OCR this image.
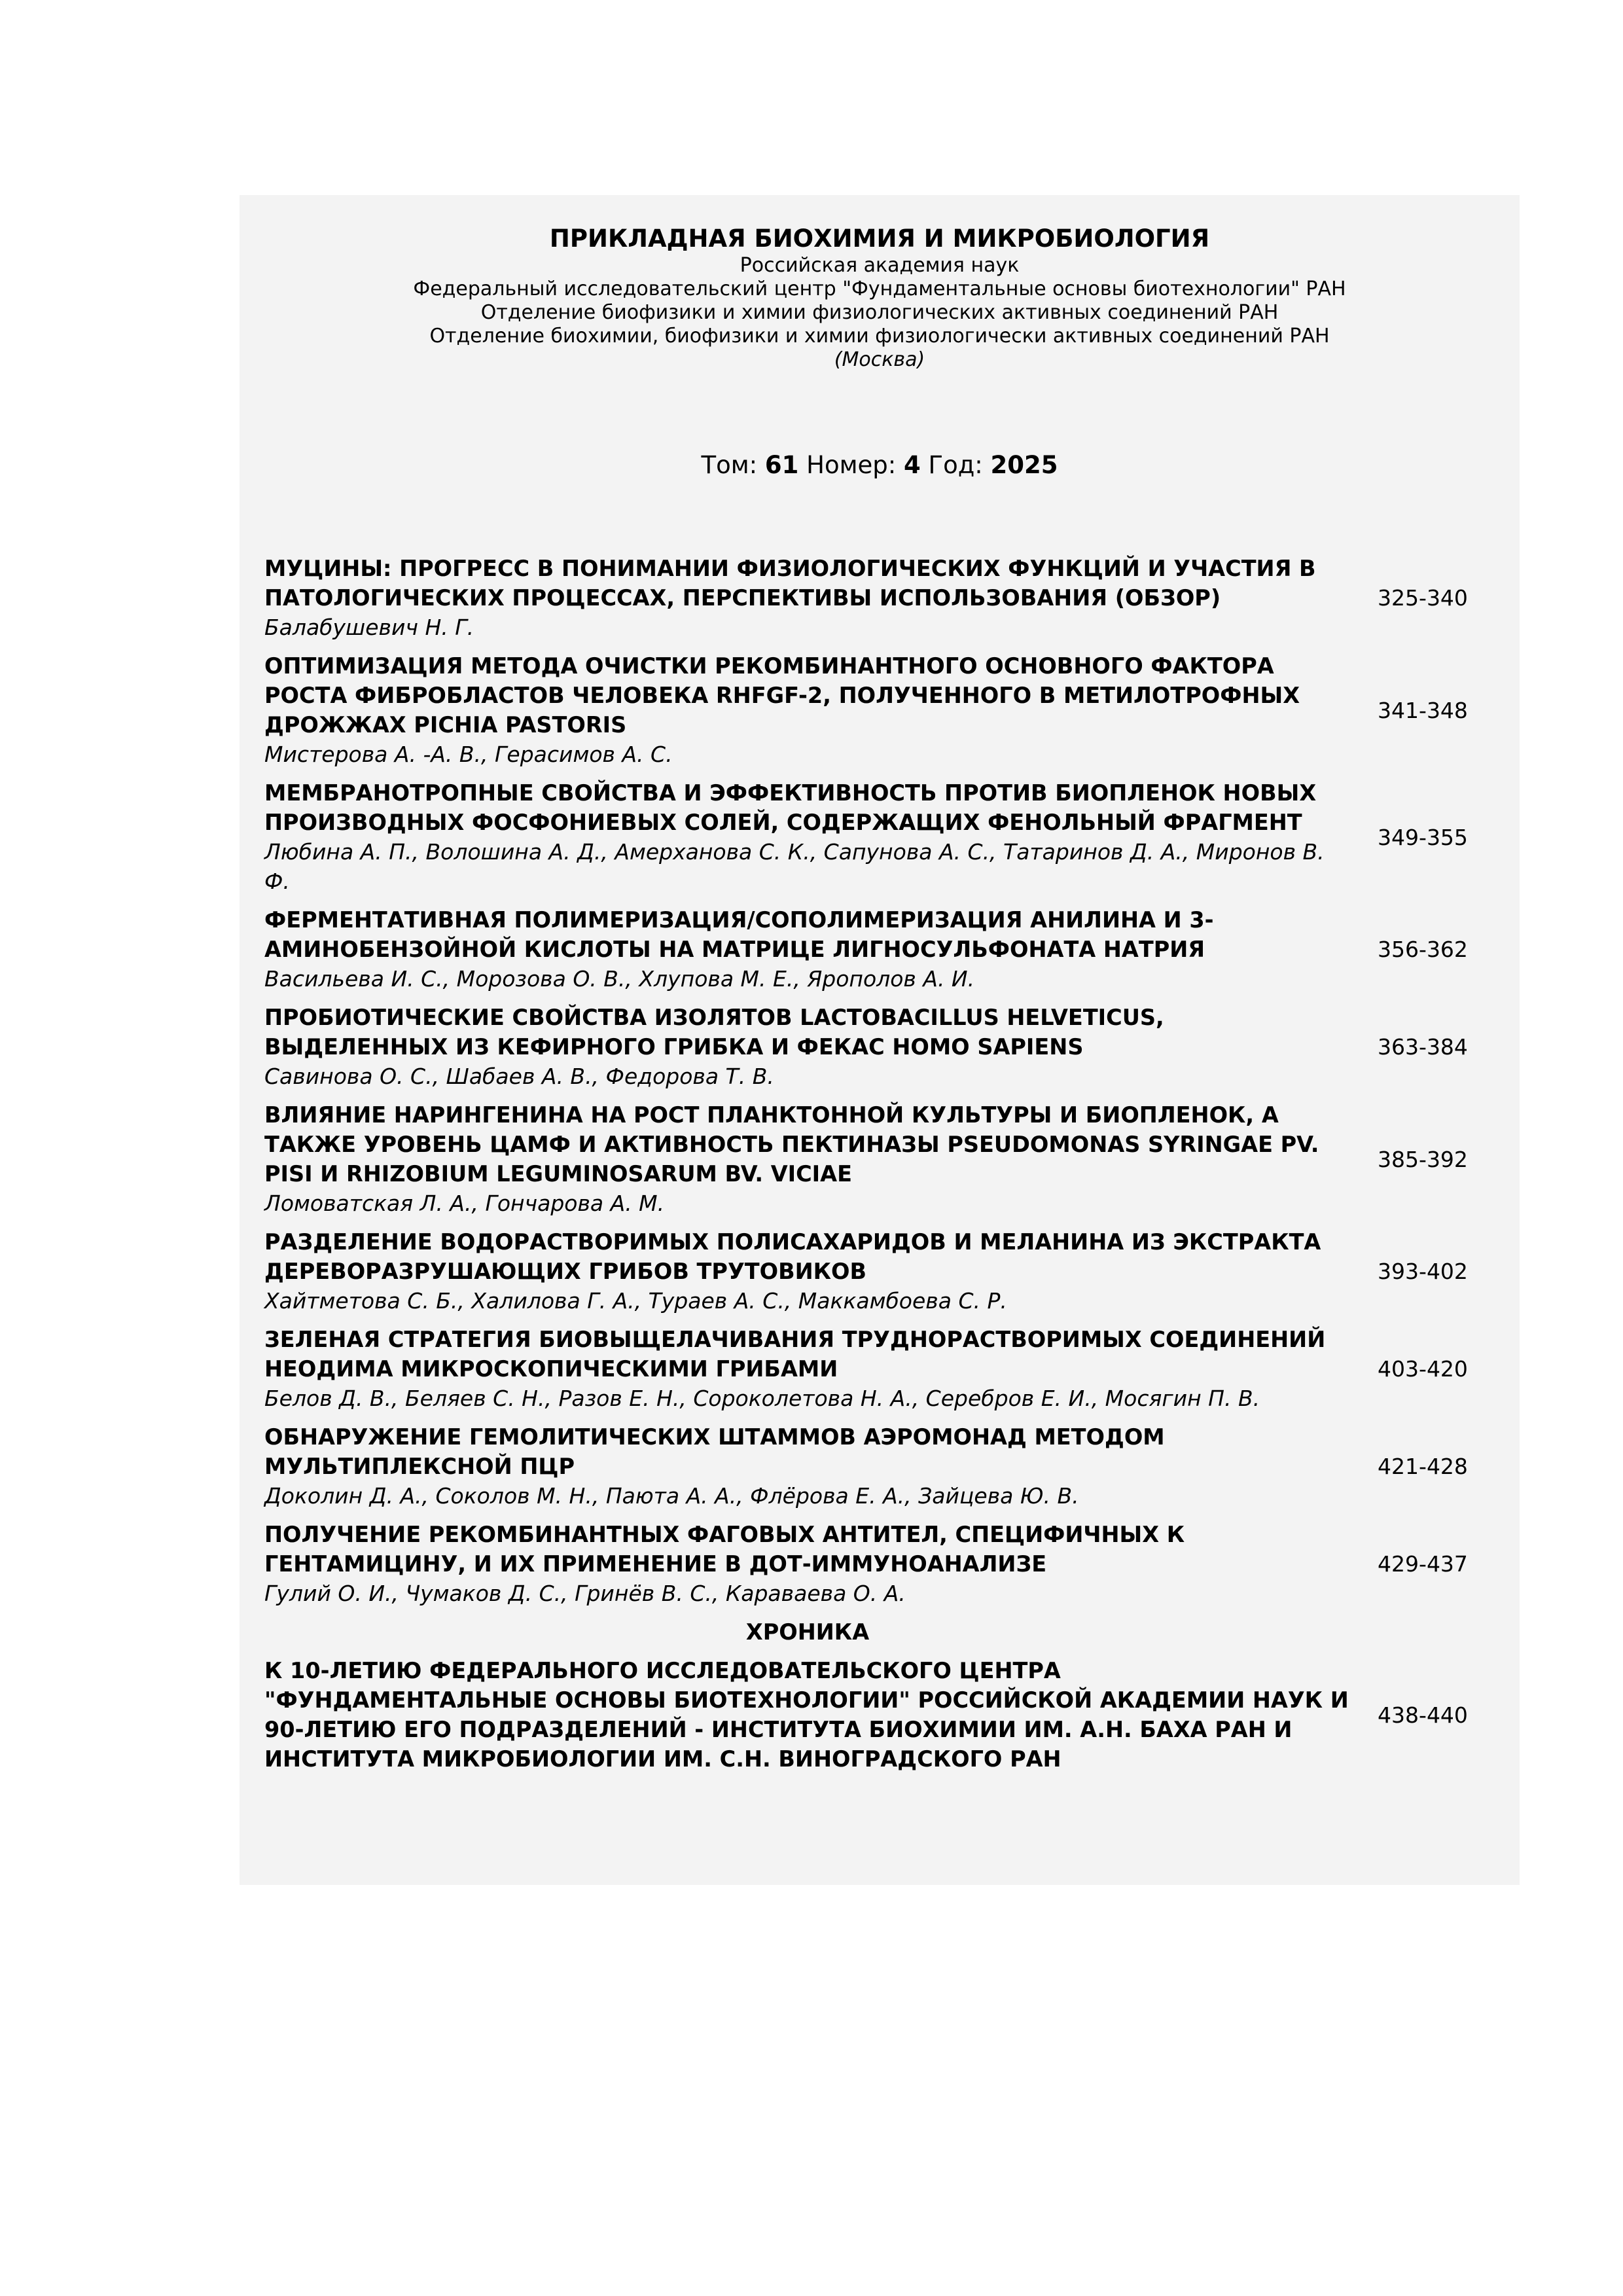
ПРИКЛАДНАЯ БИОХИМИЯ И МИКРОБИОЛОГИЯ

Российская академия наук

Федеральный исследовательский центр "Фундаментальные основы биотехнологии" РАН

Отделение биофизики и химии физиологических активных соединений РАН

Отделение биохимии, биофизики и химии физиологически активных соединений РАН

(Москва)

Том: 61 Номер: 4 Год: 2025
МУЦИНЫ: ПРОГРЕСС В ПОНИМАНИИ ФИЗИОЛОГИЧЕСКИХ ФУНКЦИЙ И УЧАСТИЯ В ПАТОЛОГИЧЕСКИХ ПРОЦЕССАХ, ПЕРСПЕКТИВЫ ИСПОЛЬЗОВАНИЯ (ОБЗОР)
Балабушевич Н. Г.
325-340
ОПТИМИЗАЦИЯ МЕТОДА ОЧИСТКИ РЕКОМБИНАНТНОГО ОСНОВНОГО ФАКТОРА РОСТА ФИБРОБЛАСТОВ ЧЕЛОВЕКА RHFGF-2, ПОЛУЧЕННОГО В МЕТИЛОТРОФНЫХ ДРОЖЖАХ PICHIA PASTORIS
Мистерова А. -А. В., Герасимов А. С.
341-348
МЕМБРАНОТРОПНЫЕ СВОЙСТВА И ЭФФЕКТИВНОСТЬ ПРОТИВ БИОПЛЕНОК НОВЫХ ПРОИЗВОДНЫХ ФОСФОНИЕВЫХ СОЛЕЙ, СОДЕРЖАЩИХ ФЕНОЛЬНЫЙ ФРАГМЕНТ
Любина А. П., Волошина А. Д., Амерханова С. К., Сапунова А. С., Татаринов Д. А., Миронов В. Ф.
349-355
ФЕРМЕНТАТИВНАЯ ПОЛИМЕРИЗАЦИЯ/СОПОЛИМЕРИЗАЦИЯ АНИЛИНА И 3-АМИНОБЕНЗОЙНОЙ КИСЛОТЫ НА МАТРИЦЕ ЛИГНОСУЛЬФОНАТА НАТРИЯ
Васильева И. С., Морозова О. В., Хлупова М. Е., Ярополов А. И.
356-362
ПРОБИОТИЧЕСКИЕ СВОЙСТВА ИЗОЛЯТОВ LACTOBACILLUS HELVETICUS, ВЫДЕЛЕННЫХ ИЗ КЕФИРНОГО ГРИБКА И ФЕКАС HOMO SAPIENS
Савинова О. С., Шабаев А. В., Федорова Т. В.
363-384
ВЛИЯНИЕ НАРИНГЕНИНА НА РОСТ ПЛАНКТОННОЙ КУЛЬТУРЫ И БИОПЛЕНОК, А ТАКЖЕ УРОВЕНЬ ЦАМФ И АКТИВНОСТЬ ПЕКТИНАЗЫ PSEUDOMONAS SYRINGAE PV. PISI И RHIZOBIUM LEGUMINOSARUM BV. VICIAE
Ломоватская Л. А., Гончарова А. М.
385-392
РАЗДЕЛЕНИЕ ВОДОРАСТВОРИМЫХ ПОЛИСАХАРИДОВ И МЕЛАНИНА ИЗ ЭКСТРАКТА ДЕРЕВОРАЗРУШАЮЩИХ ГРИБОВ ТРУТОВИКОВ
Хайтметова С. Б., Халилова Г. А., Тураев А. С., Маккамбоева С. Р.
393-402
ЗЕЛЕНАЯ СТРАТЕГИЯ БИОВЫЩЕЛАЧИВАНИЯ ТРУДНОРАСТВОРИМЫХ СОЕДИНЕНИЙ НЕОДИМА МИКРОСКОПИЧЕСКИМИ ГРИБАМИ
Белов Д. В., Беляев С. Н., Разов Е. Н., Сороколетова Н. А., Серебров Е. И., Мосягин П. В.
403-420
ОБНАРУЖЕНИЕ ГЕМОЛИТИЧЕСКИХ ШТАММОВ АЭРОМОНАД МЕТОДОМ МУЛЬТИПЛЕКСНОЙ ПЦР
Доколин Д. А., Соколов М. Н., Паюта А. А., Флёрова Е. А., Зайцева Ю. В.
421-428
ПОЛУЧЕНИЕ РЕКОМБИНАНТНЫХ ФАГОВЫХ АНТИТЕЛ, СПЕЦИФИЧНЫХ К ГЕНТАМИЦИНУ, И ИХ ПРИМЕНЕНИЕ В ДОТ-ИММУНОАНАЛИЗЕ
Гулий О. И., Чумаков Д. С., Гринёв В. С., Караваева О. А.
429-437
ХРОНИКА
К 10-ЛЕТИЮ ФЕДЕРАЛЬНОГО ИССЛЕДОВАТЕЛЬСКОГО ЦЕНТРА "ФУНДАМЕНТАЛЬНЫЕ ОСНОВЫ БИОТЕХНОЛОГИИ" РОССИЙСКОЙ АКАДЕМИИ НАУК И 90-ЛЕТИЮ ЕГО ПОДРАЗДЕЛЕНИЙ - ИНСТИТУТА БИОХИМИИ ИМ. А.Н. БАХА РАН И ИНСТИТУТА МИКРОБИОЛОГИИ ИМ. С.Н. ВИНОГРАДСКОГО РАН
438-440
